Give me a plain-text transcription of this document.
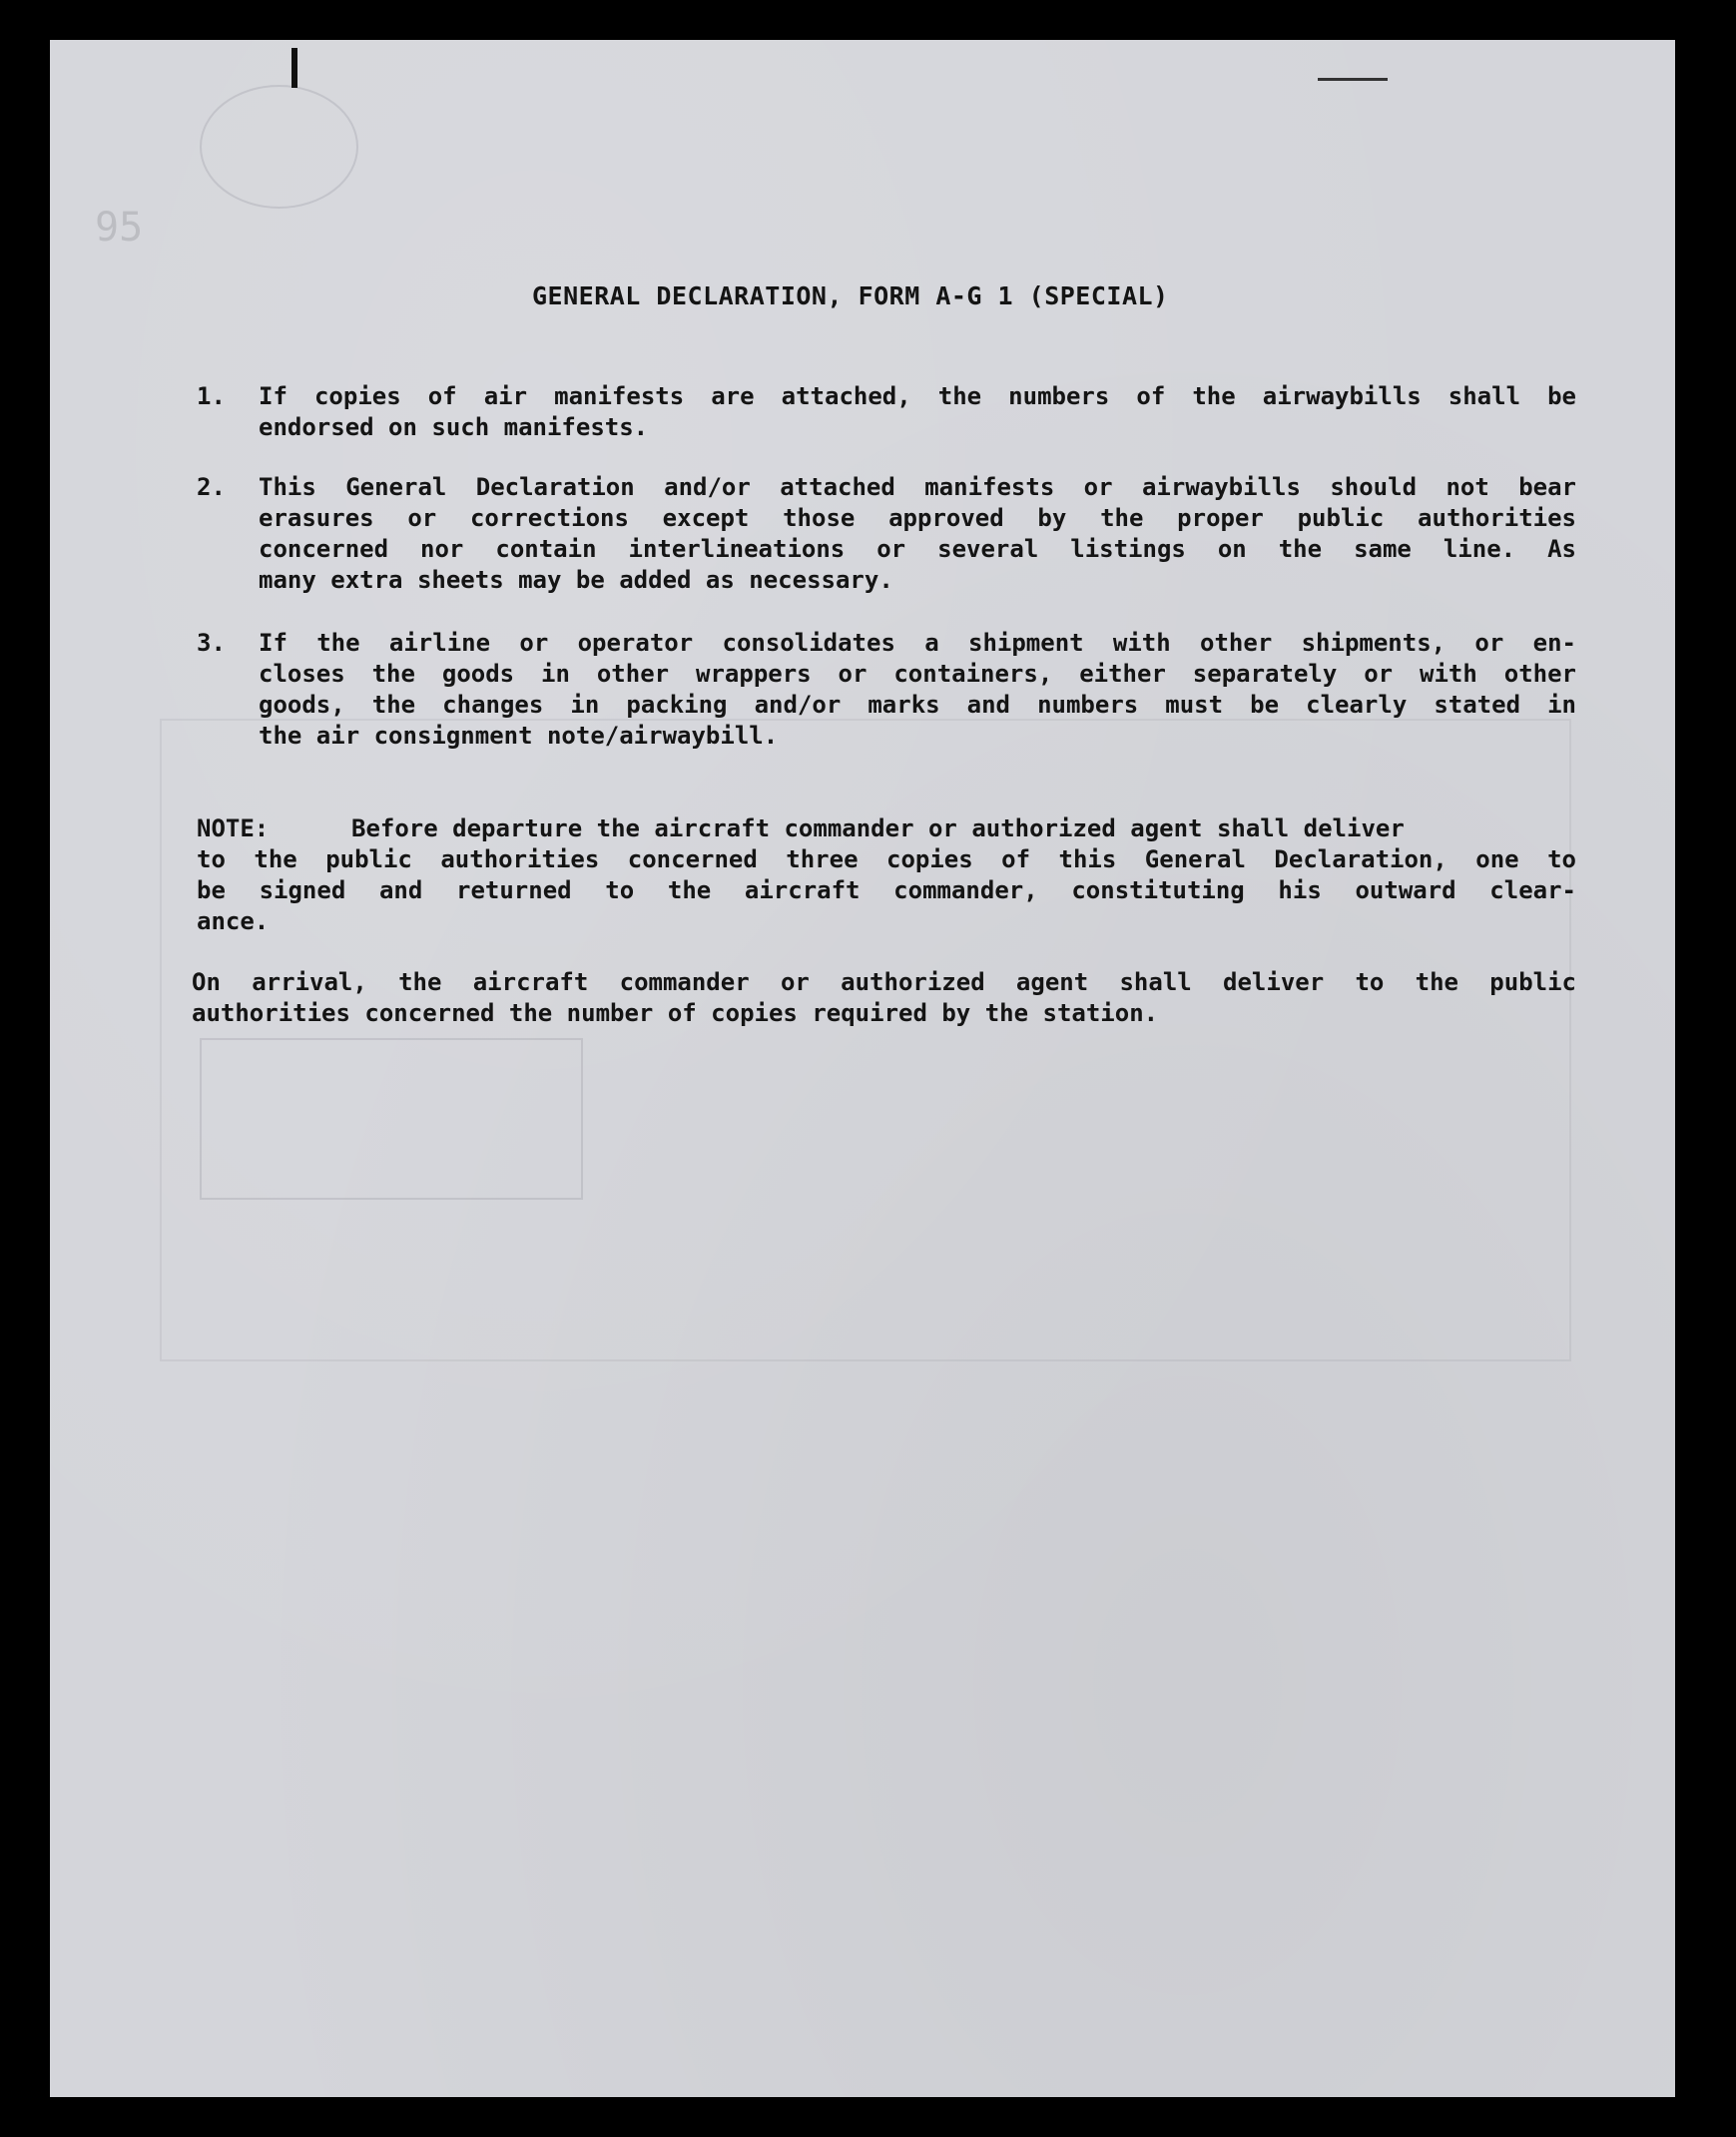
95
GENERAL DECLARATION, FORM A-G 1 (SPECIAL)
1.	If copies of air manifests are attached, the numbers of the airwaybills shall be
endorsed on such manifests.
2.	This General Declaration and/or attached manifests or airwaybills should not bear
erasures or corrections except those approved by the proper public authorities
concerned nor contain interlineations or several listings on the same line. As
many extra sheets may be added as necessary.
3.	If the airline or operator consolidates a shipment with other shipments, or en-
closes the goods in other wrappers or containers, either separately or with other
goods, the changes in packing and/or marks and numbers must be clearly stated in
the air consignment note/airwaybill.
NOTE:	Before departure the aircraft commander or authorized agent shall deliver
to the public authorities concerned three copies of this General Declaration, one to
be signed and returned to the aircraft commander, constituting his outward clear-
ance.
On arrival, the aircraft commander or authorized agent shall deliver to the public
authorities concerned the number of copies required by the station.
